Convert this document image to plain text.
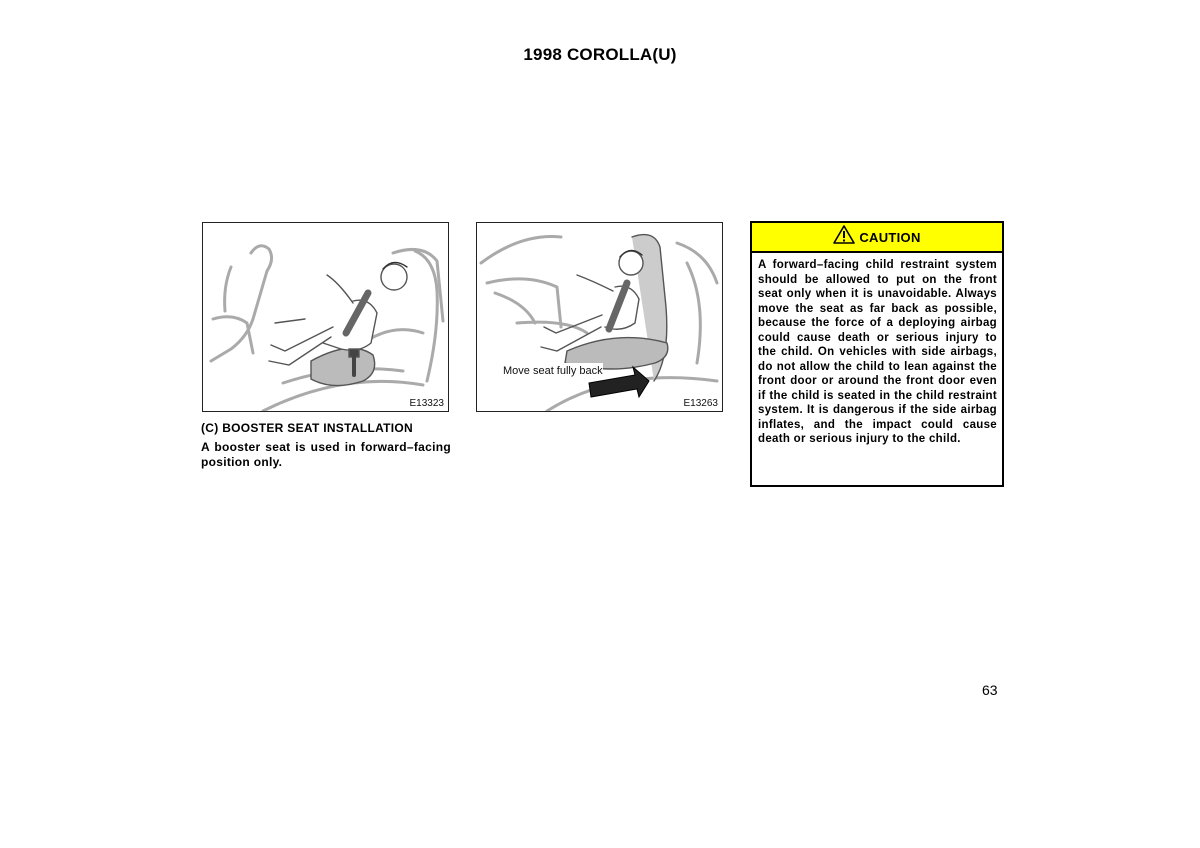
1998 COROLLA(U)
E13323
Move seat fully back
E13263
(C) BOOSTER SEAT INSTALLATION
A booster seat is used in forward–facing position only.
CAUTION
A forward–facing child restraint system should be allowed to put on the front seat only when it is unavoidable. Always move the seat as far back as possible, because the force of a deploying airbag could cause death or serious injury to the child. On vehicles with side airbags, do not allow the child to lean against the front door or around the front door even if the child is seated in the child restraint system. It is dangerous if the side airbag inflates, and the impact could cause death or serious injury to the child.
63
